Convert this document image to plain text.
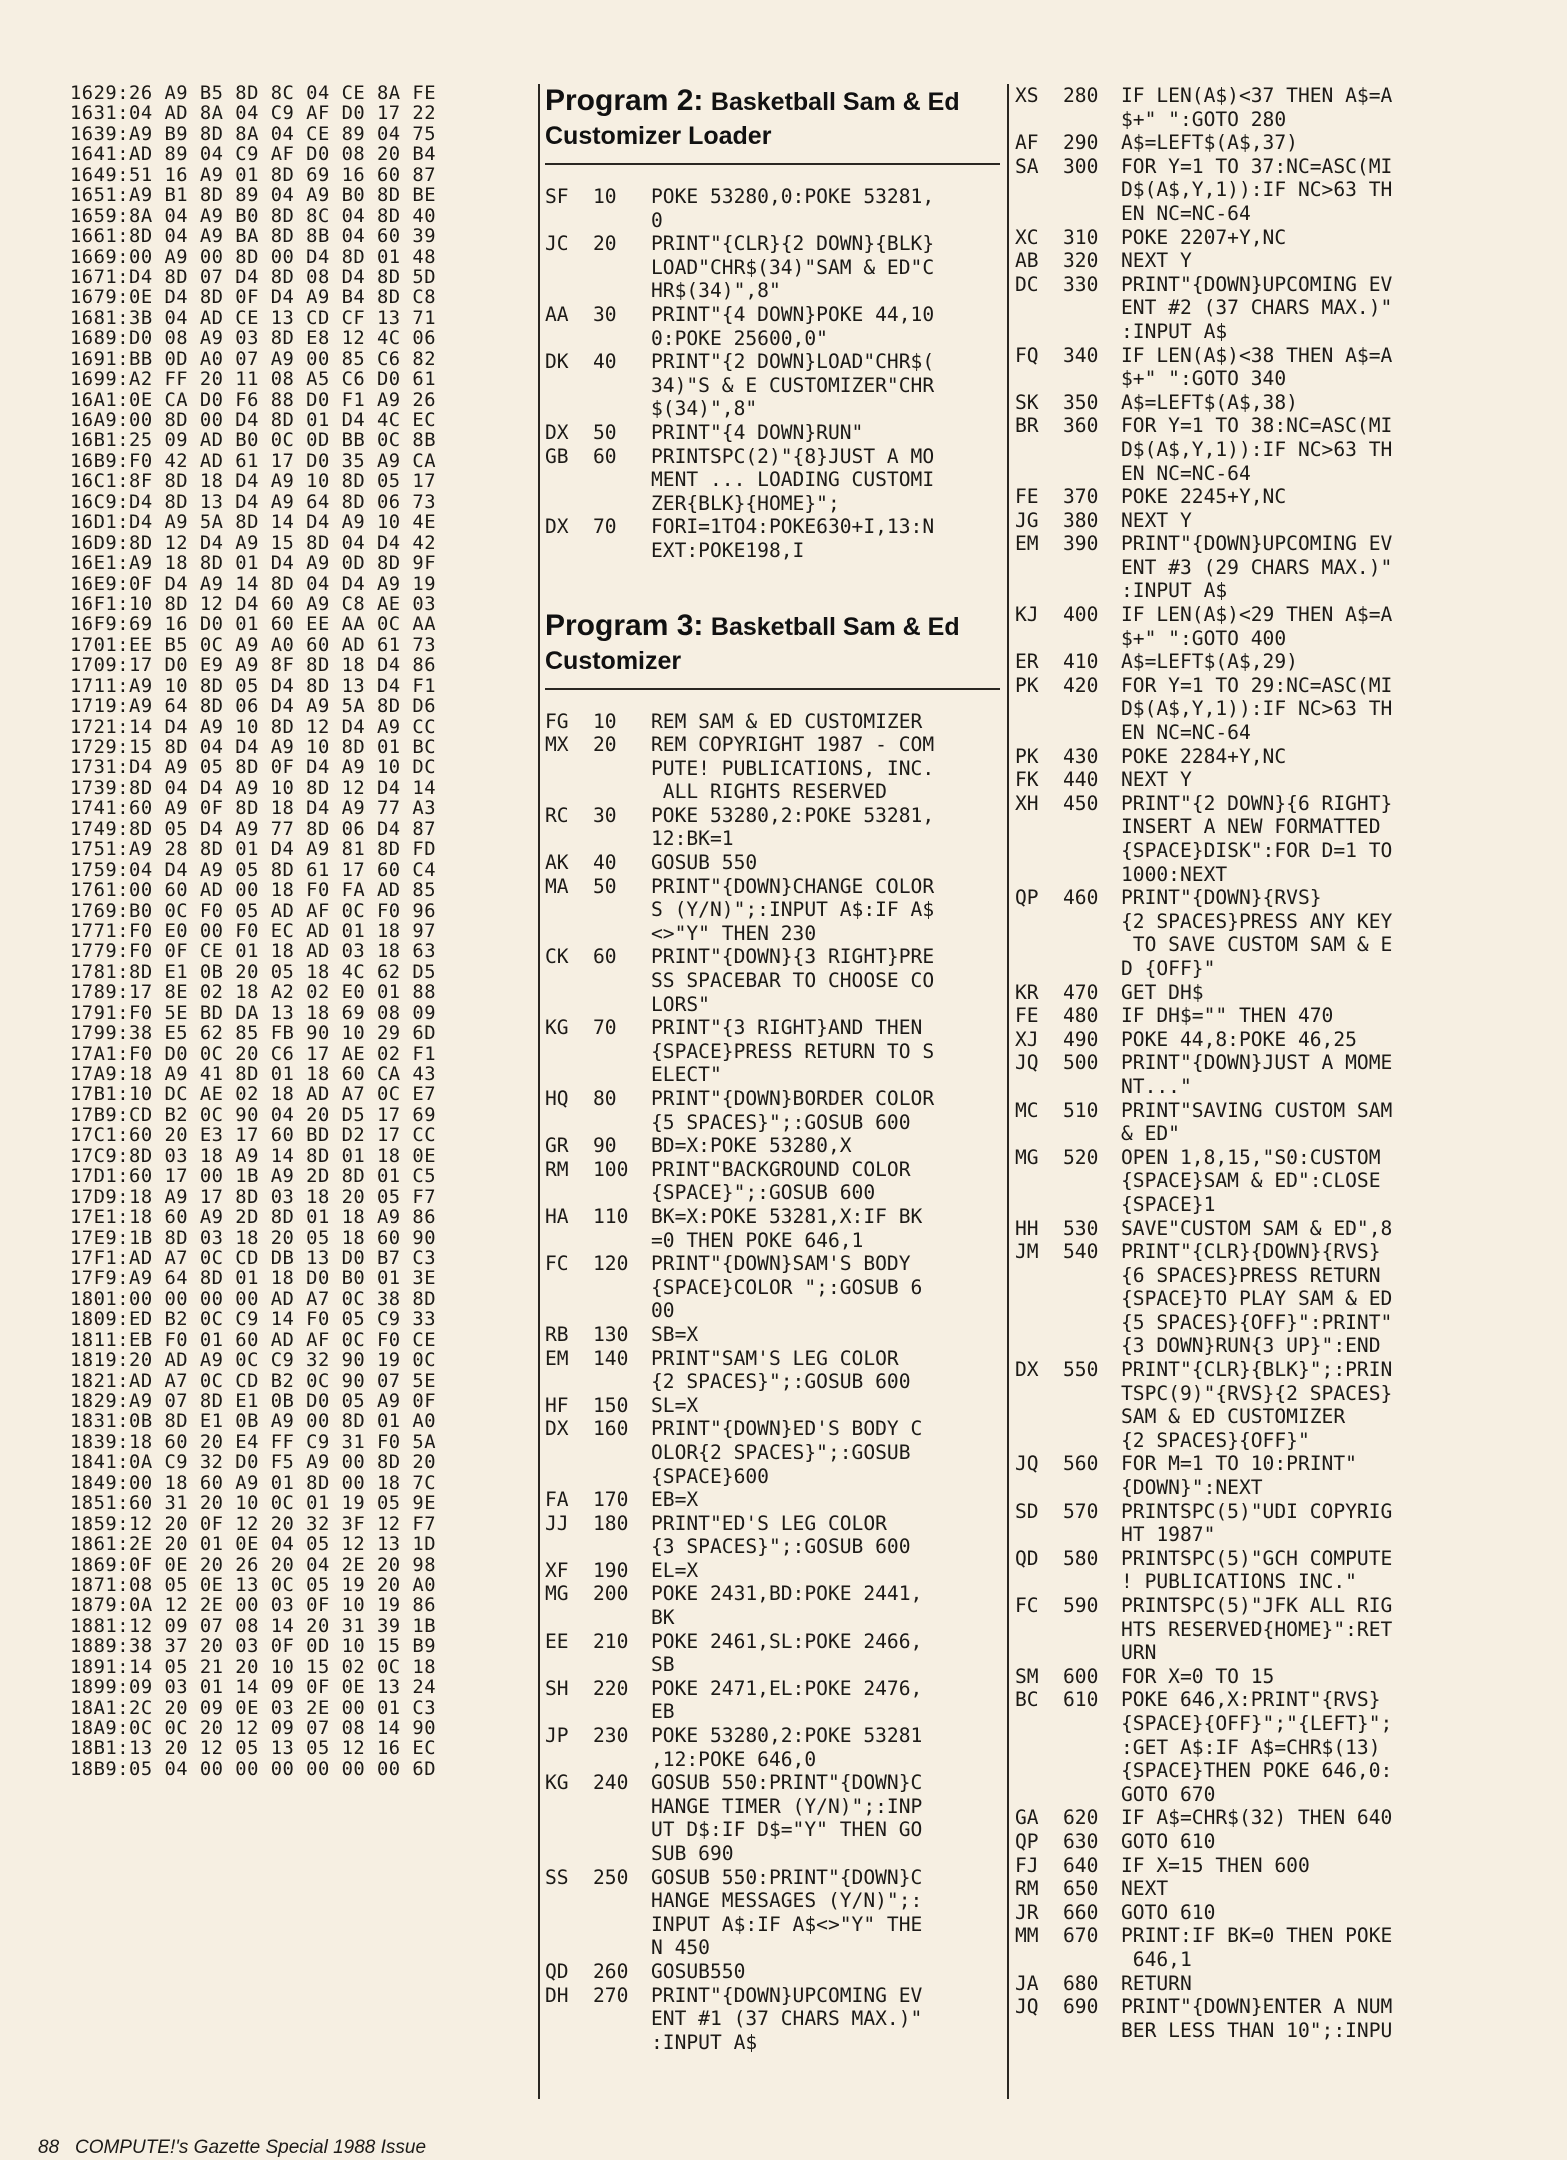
1629:26 A9 B5 8D 8C 04 CE 8A FE
1631:04 AD 8A 04 C9 AF D0 17 22
1639:A9 B9 8D 8A 04 CE 89 04 75
1641:AD 89 04 C9 AF D0 08 20 B4
1649:51 16 A9 01 8D 69 16 60 87
1651:A9 B1 8D 89 04 A9 B0 8D BE
1659:8A 04 A9 B0 8D 8C 04 8D 40
1661:8D 04 A9 BA 8D 8B 04 60 39
1669:00 A9 00 8D 00 D4 8D 01 48
1671:D4 8D 07 D4 8D 08 D4 8D 5D
1679:0E D4 8D 0F D4 A9 B4 8D C8
1681:3B 04 AD CE 13 CD CF 13 71
1689:D0 08 A9 03 8D E8 12 4C 06
1691:BB 0D A0 07 A9 00 85 C6 82
1699:A2 FF 20 11 08 A5 C6 D0 61
16A1:0E CA D0 F6 88 D0 F1 A9 26
16A9:00 8D 00 D4 8D 01 D4 4C EC
16B1:25 09 AD B0 0C 0D BB 0C 8B
16B9:F0 42 AD 61 17 D0 35 A9 CA
16C1:8F 8D 18 D4 A9 10 8D 05 17
16C9:D4 8D 13 D4 A9 64 8D 06 73
16D1:D4 A9 5A 8D 14 D4 A9 10 4E
16D9:8D 12 D4 A9 15 8D 04 D4 42
16E1:A9 18 8D 01 D4 A9 0D 8D 9F
16E9:0F D4 A9 14 8D 04 D4 A9 19
16F1:10 8D 12 D4 60 A9 C8 AE 03
16F9:69 16 D0 01 60 EE AA 0C AA
1701:EE B5 0C A9 A0 60 AD 61 73
1709:17 D0 E9 A9 8F 8D 18 D4 86
1711:A9 10 8D 05 D4 8D 13 D4 F1
1719:A9 64 8D 06 D4 A9 5A 8D D6
1721:14 D4 A9 10 8D 12 D4 A9 CC
1729:15 8D 04 D4 A9 10 8D 01 BC
1731:D4 A9 05 8D 0F D4 A9 10 DC
1739:8D 04 D4 A9 10 8D 12 D4 14
1741:60 A9 0F 8D 18 D4 A9 77 A3
1749:8D 05 D4 A9 77 8D 06 D4 87
1751:A9 28 8D 01 D4 A9 81 8D FD
1759:04 D4 A9 05 8D 61 17 60 C4
1761:00 60 AD 00 18 F0 FA AD 85
1769:B0 0C F0 05 AD AF 0C F0 96
1771:F0 E0 00 F0 EC AD 01 18 97
1779:F0 0F CE 01 18 AD 03 18 63
1781:8D E1 0B 20 05 18 4C 62 D5
1789:17 8E 02 18 A2 02 E0 01 88
1791:F0 5E BD DA 13 18 69 08 09
1799:38 E5 62 85 FB 90 10 29 6D
17A1:F0 D0 0C 20 C6 17 AE 02 F1
17A9:18 A9 41 8D 01 18 60 CA 43
17B1:10 DC AE 02 18 AD A7 0C E7
17B9:CD B2 0C 90 04 20 D5 17 69
17C1:60 20 E3 17 60 BD D2 17 CC
17C9:8D 03 18 A9 14 8D 01 18 0E
17D1:60 17 00 1B A9 2D 8D 01 C5
17D9:18 A9 17 8D 03 18 20 05 F7
17E1:18 60 A9 2D 8D 01 18 A9 86
17E9:1B 8D 03 18 20 05 18 60 90
17F1:AD A7 0C CD DB 13 D0 B7 C3
17F9:A9 64 8D 01 18 D0 B0 01 3E
1801:00 00 00 00 AD A7 0C 38 8D
1809:ED B2 0C C9 14 F0 05 C9 33
1811:EB F0 01 60 AD AF 0C F0 CE
1819:20 AD A9 0C C9 32 90 19 0C
1821:AD A7 0C CD B2 0C 90 07 5E
1829:A9 07 8D E1 0B D0 05 A9 0F
1831:0B 8D E1 0B A9 00 8D 01 A0
1839:18 60 20 E4 FF C9 31 F0 5A
1841:0A C9 32 D0 F5 A9 00 8D 20
1849:00 18 60 A9 01 8D 00 18 7C
1851:60 31 20 10 0C 01 19 05 9E
1859:12 20 0F 12 20 32 3F 12 F7
1861:2E 20 01 0E 04 05 12 13 1D
1869:0F 0E 20 26 20 04 2E 20 98
1871:08 05 0E 13 0C 05 19 20 A0
1879:0A 12 2E 00 03 0F 10 19 86
1881:12 09 07 08 14 20 31 39 1B
1889:38 37 20 03 0F 0D 10 15 B9
1891:14 05 21 20 10 15 02 0C 18
1899:09 03 01 14 09 0F 0E 13 24
18A1:2C 20 09 0E 03 2E 00 01 C3
18A9:0C 0C 20 12 09 07 08 14 90
18B1:13 20 12 05 13 05 12 16 EC
18B9:05 04 00 00 00 00 00 00 6D
Program 2: Basketball Sam & Ed
Customizer Loader
SF	10	POKE 53280,0:POKE 53281,
0
JC	20	PRINT"{CLR}{2 DOWN}{BLK}
LOAD"CHR$(34)"SAM & ED"C
HR$(34)",8"
AA	30	PRINT"{4 DOWN}POKE 44,10
0:POKE 25600,0"
DK	40	PRINT"{2 DOWN}LOAD"CHR$(
34)"S & E CUSTOMIZER"CHR
$(34)",8"
DX	50	PRINT"{4 DOWN}RUN"
GB	60	PRINTSPC(2)"{8}JUST A MO
MENT ... LOADING CUSTOMI
ZER{BLK}{HOME}";
DX	70	FORI=1TO4:POKE630+I,13:N
EXT:POKE198,I
Program 3: Basketball Sam & Ed
Customizer
FG	10	REM SAM & ED CUSTOMIZER
MX	20	REM COPYRIGHT 1987 - COM
PUTE! PUBLICATIONS, INC.
ALL RIGHTS RESERVED
RC	30	POKE 53280,2:POKE 53281,
12:BK=1
AK	40	GOSUB 550
MA	50	PRINT"{DOWN}CHANGE COLOR
S (Y/N)";:INPUT A$:IF A$
<>"Y" THEN 230
CK	60	PRINT"{DOWN}{3 RIGHT}PRE
SS SPACEBAR TO CHOOSE CO
LORS"
KG	70	PRINT"{3 RIGHT}AND THEN
{SPACE}PRESS RETURN TO S
ELECT"
HQ	80	PRINT"{DOWN}BORDER COLOR
{5 SPACES}";:GOSUB 600
GR	90	BD=X:POKE 53280,X
RM	100	PRINT"BACKGROUND COLOR
{SPACE}";:GOSUB 600
HA	110	BK=X:POKE 53281,X:IF BK
=0 THEN POKE 646,1
FC	120	PRINT"{DOWN}SAM'S BODY
{SPACE}COLOR ";:GOSUB 6
00
RB	130	SB=X
EM	140	PRINT"SAM'S LEG COLOR
{2 SPACES}";:GOSUB 600
HF	150	SL=X
DX	160	PRINT"{DOWN}ED'S BODY C
OLOR{2 SPACES}";:GOSUB
{SPACE}600
FA	170	EB=X
JJ	180	PRINT"ED'S LEG COLOR
{3 SPACES}";:GOSUB 600
XF	190	EL=X
MG	200	POKE 2431,BD:POKE 2441,
BK
EE	210	POKE 2461,SL:POKE 2466,
SB
SH	220	POKE 2471,EL:POKE 2476,
EB
JP	230	POKE 53280,2:POKE 53281
,12:POKE 646,0
KG	240	GOSUB 550:PRINT"{DOWN}C
HANGE TIMER (Y/N)";:INP
UT D$:IF D$="Y" THEN GO
SUB 690
SS	250	GOSUB 550:PRINT"{DOWN}C
HANGE MESSAGES (Y/N)";:
INPUT A$:IF A$<>"Y" THE
N 450
QD	260	GOSUB550
DH	270	PRINT"{DOWN}UPCOMING EV
ENT #1 (37 CHARS MAX.)"
:INPUT A$
XS	280	IF LEN(A$)<37 THEN A$=A
$+" ":GOTO 280
AF	290	A$=LEFT$(A$,37)
SA	300	FOR Y=1 TO 37:NC=ASC(MI
D$(A$,Y,1)):IF NC>63 TH
EN NC=NC-64
XC	310	POKE 2207+Y,NC
AB	320	NEXT Y
DC	330	PRINT"{DOWN}UPCOMING EV
ENT #2 (37 CHARS MAX.)"
:INPUT A$
FQ	340	IF LEN(A$)<38 THEN A$=A
$+" ":GOTO 340
SK	350	A$=LEFT$(A$,38)
BR	360	FOR Y=1 TO 38:NC=ASC(MI
D$(A$,Y,1)):IF NC>63 TH
EN NC=NC-64
FE	370	POKE 2245+Y,NC
JG	380	NEXT Y
EM	390	PRINT"{DOWN}UPCOMING EV
ENT #3 (29 CHARS MAX.)"
:INPUT A$
KJ	400	IF LEN(A$)<29 THEN A$=A
$+" ":GOTO 400
ER	410	A$=LEFT$(A$,29)
PK	420	FOR Y=1 TO 29:NC=ASC(MI
D$(A$,Y,1)):IF NC>63 TH
EN NC=NC-64
PK	430	POKE 2284+Y,NC
FK	440	NEXT Y
XH	450	PRINT"{2 DOWN}{6 RIGHT}
INSERT A NEW FORMATTED
{SPACE}DISK":FOR D=1 TO
1000:NEXT
QP	460	PRINT"{DOWN}{RVS}
{2 SPACES}PRESS ANY KEY
TO SAVE CUSTOM SAM & E
D {OFF}"
KR	470	GET DH$
FE	480	IF DH$="" THEN 470
XJ	490	POKE 44,8:POKE 46,25
JQ	500	PRINT"{DOWN}JUST A MOME
NT..."
MC	510	PRINT"SAVING CUSTOM SAM
& ED"
MG	520	OPEN 1,8,15,"S0:CUSTOM
{SPACE}SAM & ED":CLOSE
{SPACE}1
HH	530	SAVE"CUSTOM SAM & ED",8
JM	540	PRINT"{CLR}{DOWN}{RVS}
{6 SPACES}PRESS RETURN
{SPACE}TO PLAY SAM & ED
{5 SPACES}{OFF}":PRINT"
{3 DOWN}RUN{3 UP}":END
DX	550	PRINT"{CLR}{BLK}";:PRIN
TSPC(9)"{RVS}{2 SPACES}
SAM & ED CUSTOMIZER
{2 SPACES}{OFF}"
JQ	560	FOR M=1 TO 10:PRINT"
{DOWN}":NEXT
SD	570	PRINTSPC(5)"UDI COPYRIG
HT 1987"
QD	580	PRINTSPC(5)"GCH COMPUTE
! PUBLICATIONS INC."
FC	590	PRINTSPC(5)"JFK ALL RIG
HTS RESERVED{HOME}":RET
URN
SM	600	FOR X=0 TO 15
BC	610	POKE 646,X:PRINT"{RVS}
{SPACE}{OFF}";"{LEFT}";
:GET A$:IF A$=CHR$(13)
{SPACE}THEN POKE 646,0:
GOTO 670
GA	620	IF A$=CHR$(32) THEN 640
QP	630	GOTO 610
FJ	640	IF X=15 THEN 600
RM	650	NEXT
JR	660	GOTO 610
MM	670	PRINT:IF BK=0 THEN POKE
646,1
JA	680	RETURN
JQ	690	PRINT"{DOWN}ENTER A NUM
BER LESS THAN 10";:INPU
88 COMPUTE!'s Gazette Special 1988 Issue
